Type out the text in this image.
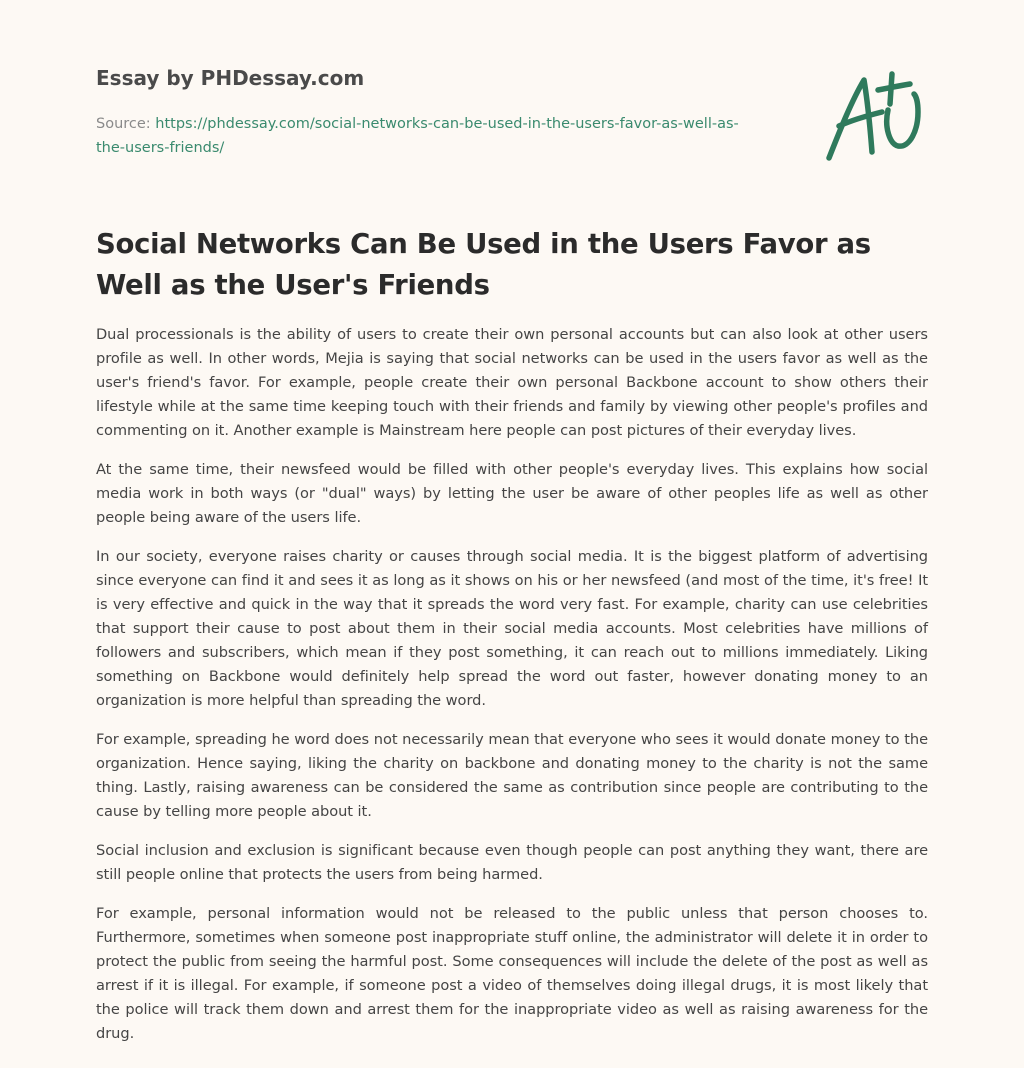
Essay by PHDessay.com
Source: https://phdessay.com/social-networks-can-be-used-in-the-users-favor-as-well-as-the-users-friends/
Social Networks Can Be Used in the Users Favor as Well as the User's Friends

Dual processionals is the ability of users to create their own personal accounts but can also look at other users profile as well. In other words, Mejia is saying that social networks can be used in the users favor as well as the user's friend's favor. For example, people create their own personal Backbone account to show others their lifestyle while at the same time keeping touch with their friends and family by viewing other people's profiles and commenting on it. Another example is Mainstream here people can post pictures of their everyday lives.

At the same time, their newsfeed would be filled with other people's everyday lives. This explains how social media work in both ways (or "dual" ways) by letting the user be aware of other peoples life as well as other people being aware of the users life.

In our society, everyone raises charity or causes through social media. It is the biggest platform of advertising since everyone can find it and sees it as long as it shows on his or her newsfeed (and most of the time, it's free! It is very effective and quick in the way that it spreads the word very fast. For example, charity can use celebrities that support their cause to post about them in their social media accounts. Most celebrities have millions of followers and subscribers, which mean if they post something, it can reach out to millions immediately. Liking something on Backbone would definitely help spread the word out faster, however donating money to an organization is more helpful than spreading the word.

For example, spreading he word does not necessarily mean that everyone who sees it would donate money to the organization. Hence saying, liking the charity on backbone and donating money to the charity is not the same thing. Lastly, raising awareness can be considered the same as contribution since people are contributing to the cause by telling more people about it.

Social inclusion and exclusion is significant because even though people can post anything they want, there are still people online that protects the users from being harmed.

For example, personal information would not be released to the public unless that person chooses to. Furthermore, sometimes when someone post inappropriate stuff online, the administrator will delete it in order to protect the public from seeing the harmful post. Some consequences will include the delete of the post as well as arrest if it is illegal. For example, if someone post a video of themselves doing illegal drugs, it is most likely that the police will track them down and arrest them for the inappropriate video as well as raising awareness for the drug.
